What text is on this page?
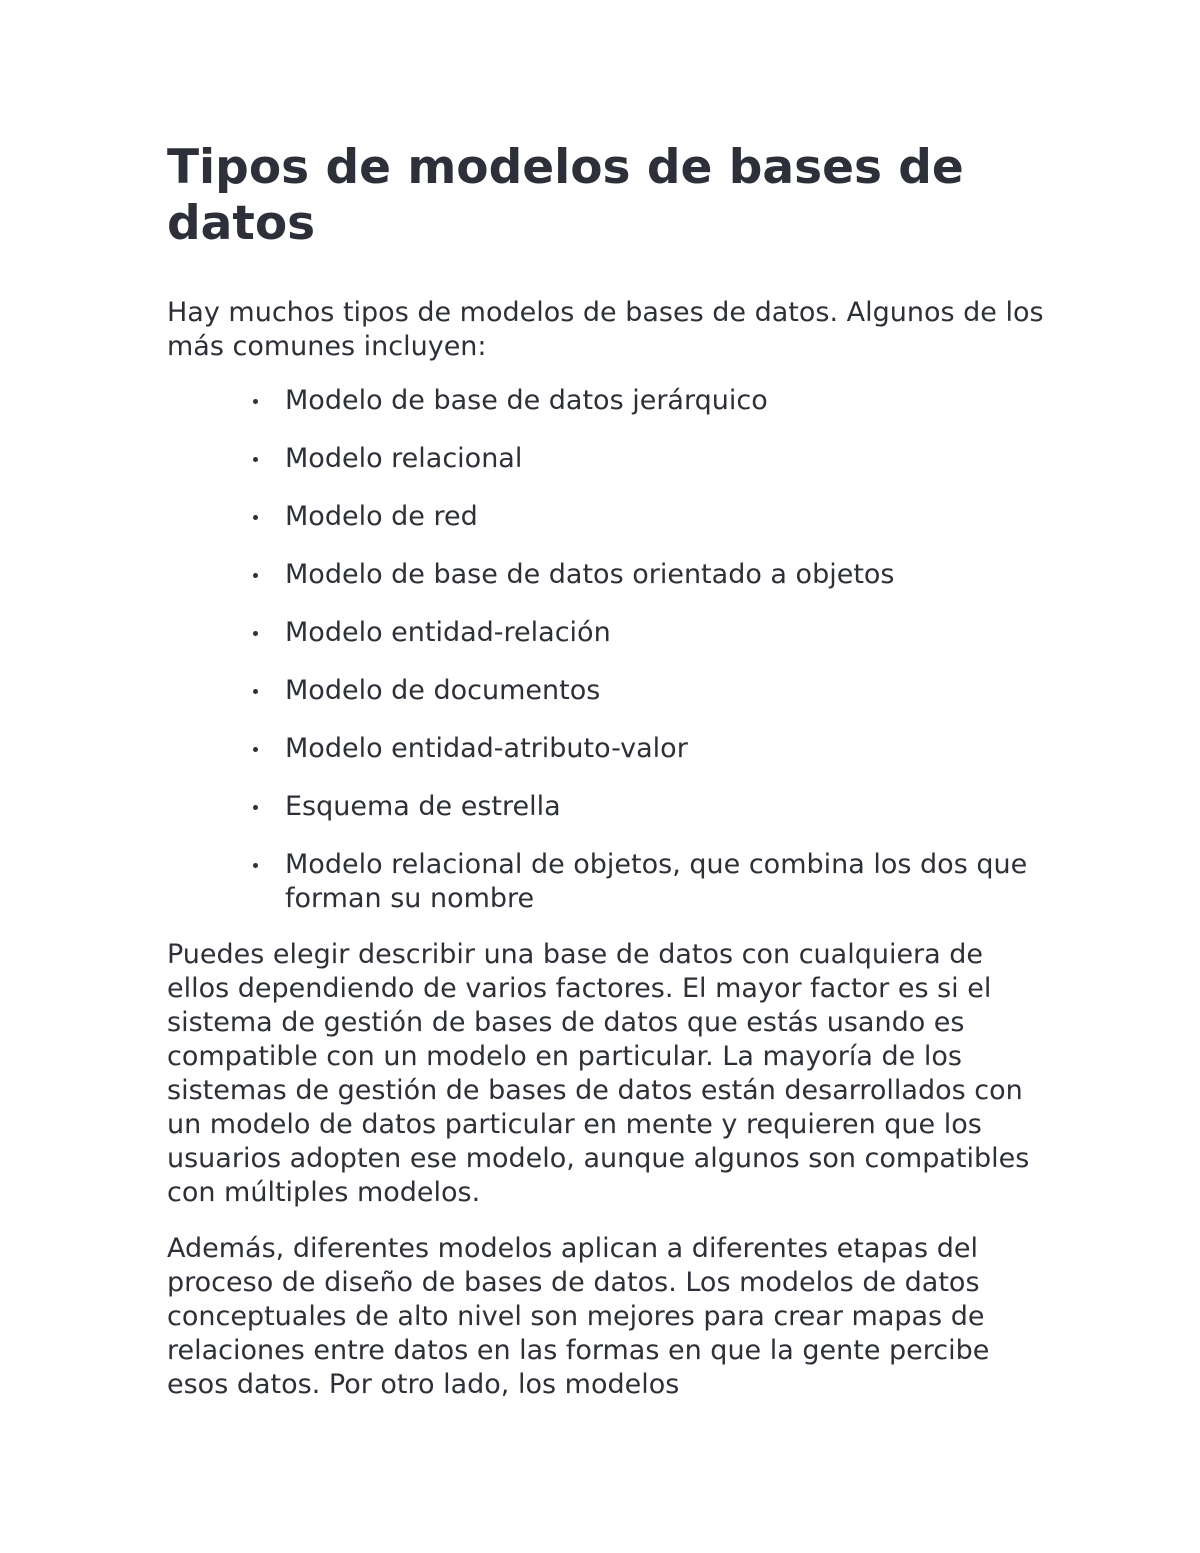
Tipos de modelos de bases de datos

Hay muchos tipos de modelos de bases de datos. Algunos de los más comunes incluyen:

Modelo de base de datos jerárquico
Modelo relacional
Modelo de red
Modelo de base de datos orientado a objetos
Modelo entidad-relación
Modelo de documentos
Modelo entidad-atributo-valor
Esquema de estrella
Modelo relacional de objetos, que combina los dos que forman su nombre

Puedes elegir describir una base de datos con cualquiera de ellos dependiendo de varios factores. El mayor factor es si el sistema de gestión de bases de datos que estás usando es compatible con un modelo en particular. La mayoría de los sistemas de gestión de bases de datos están desarrollados con un modelo de datos particular en mente y requieren que los usuarios adopten ese modelo, aunque algunos son compatibles con múltiples modelos.

Además, diferentes modelos aplican a diferentes etapas del proceso de diseño de bases de datos. Los modelos de datos conceptuales de alto nivel son mejores para crear mapas de relaciones entre datos en las formas en que la gente percibe esos datos. Por otro lado, los modelos
